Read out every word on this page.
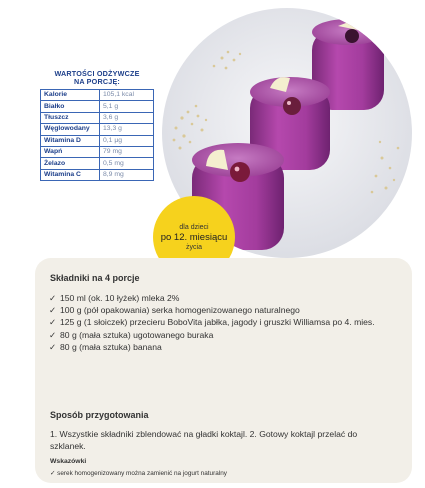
WARTOŚCI ODŻYWCZE
NA PORCJĘ:
Kalorie	105,1 kcal
Białko	5,1 g
Tłuszcz	3,6 g
Węglowodany	13,3 g
Witamina D	0,1 μg
Wapń	79 mg
Żelazo	0,5 mg
Witamina C	8,9 mg
dla dzieci
po 12. miesiącu
życia
Składniki na 4 porcje
✓ 150 ml (ok. 10 łyżek) mleka 2%
✓ 100 g (pół opakowania) serka homogenizowanego naturalnego
✓ 125 g (1 słoiczek) przecieru BoboVita jabłka, jagody i gruszki Williamsa po 4. mies.
✓ 80 g (mała sztuka) ugotowanego buraka
✓ 80 g (mała sztuka) banana
Sposób przygotowania
1. Wszystkie składniki zblendować na gładki koktajl. 2. Gotowy koktajl przelać do szklanek.
Wskazówki
✓ serek homogenizowany można zamienić na jogurt naturalny
